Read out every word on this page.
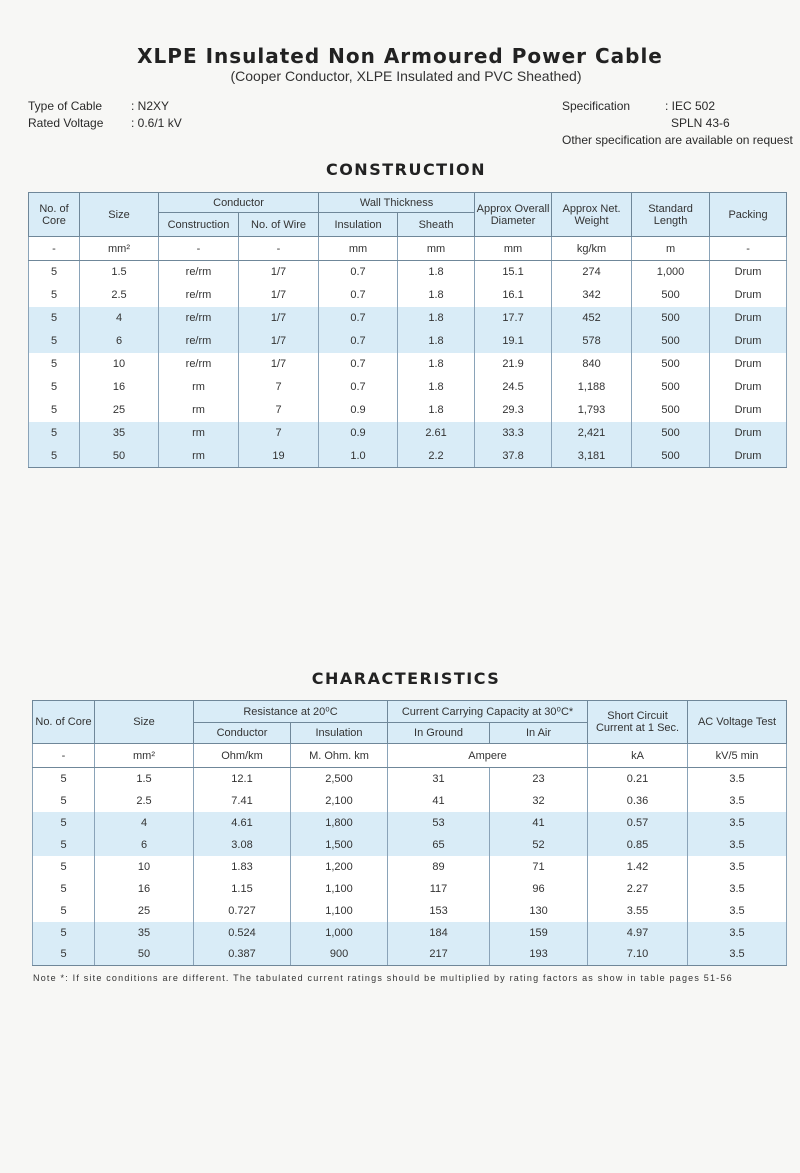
XLPE Insulated Non Armoured Power Cable
(Cooper Conductor, XLPE Insulated and PVC Sheathed)
Type of Cable : N2XY
Rated Voltage : 0.6/1 kV
Specification	: IEC 502
SPLN 43-6
Other specification are available on request
CONSTRUCTION
No. of Core	Size	Conductor		Wall Thickness		Approx Overall Diameter	Approx Net. Weight	Standard Length	Packing
		Construction	No. of Wire	Insulation	Sheath				
-	mm²	-	-	mm	mm	mm	kg/km	m	-
5	1.5	re/rm	1/7	0.7	1.8	15.1	274	1,000	Drum
5	2.5	re/rm	1/7	0.7	1.8	16.1	342	500	Drum
5	4	re/rm	1/7	0.7	1.8	17.7	452	500	Drum
5	6	re/rm	1/7	0.7	1.8	19.1	578	500	Drum
5	10	re/rm	1/7	0.7	1.8	21.9	840	500	Drum
5	16	rm	7	0.7	1.8	24.5	1,188	500	Drum
5	25	rm	7	0.9	1.8	29.3	1,793	500	Drum
5	35	rm	7	0.9	2.61	33.3	2,421	500	Drum
5	50	rm	19	1.0	2.2	37.8	3,181	500	Drum
CHARACTERISTICS
No. of Core	Size	Resistance at 20⁰C		Current Carrying Capacity at 30⁰C*		Short Circuit Current at 1 Sec.	AC Voltage Test
		Conductor	Insulation	In Ground	In Air		
-	mm²	Ohm/km	M. Ohm. km	Ampere		kA	kV/5 min
5	1.5	12.1	2,500	31	23	0.21	3.5
5	2.5	7.41	2,100	41	32	0.36	3.5
5	4	4.61	1,800	53	41	0.57	3.5
5	6	3.08	1,500	65	52	0.85	3.5
5	10	1.83	1,200	89	71	1.42	3.5
5	16	1.15	1,100	117	96	2.27	3.5
5	25	0.727	1,100	153	130	3.55	3.5
5	35	0.524	1,000	184	159	4.97	3.5
5	50	0.387	900	217	193	7.10	3.5
Note *: If site conditions are different. The tabulated current ratings should be multiplied by rating factors as show in table pages 51-56
